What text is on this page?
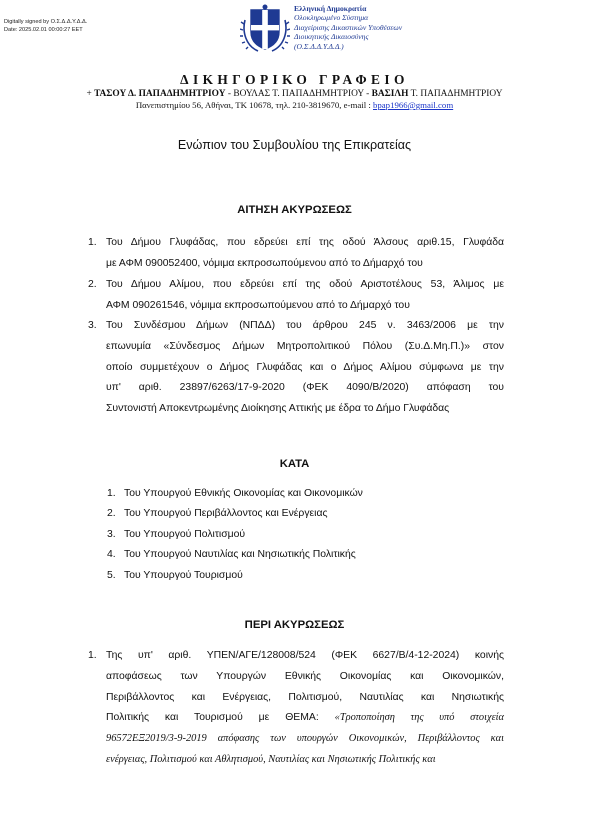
Digitally signed by Ο.Σ.Δ.Δ.Υ.Δ.Δ.
Date: 2025.02.01 00:00:27 EET
Ελληνική Δημοκρατία
Ολοκληρωμένο Σύστημα
Διαχείρισης Δικαστικών Υποθέσεων
Διοικητικής Δικαιοσύνης
(Ο.Σ.Δ.Δ.Υ.Δ.Δ.)
ΔΙΚΗΓΟΡΙΚΟ ΓΡΑΦΕΙΟ
+ ΤΑΣΟΥ Δ. ΠΑΠΑΔΗΜΗΤΡΙΟΥ - ΒΟΥΛΑΣ Τ. ΠΑΠΑΔΗΜΗΤΡΙΟΥ - ΒΑΣΙΛΗ Τ. ΠΑΠΑΔΗΜΗΤΡΙΟΥ
Πανεπιστημίου 56, Αθήναι, ΤΚ 10678, τηλ. 210-3819670, e-mail : bpap1966@gmail.com
Ενώπιον του Συμβουλίου της Επικρατείας
ΑΙΤΗΣΗ ΑΚΥΡΩΣΕΩΣ
1. Του Δήμου Γλυφάδας, που εδρεύει επί της οδού Άλσους αριθ.15, Γλυφάδα
με ΑΦΜ 090052400, νόμιμα εκπροσωπούμενου από το Δήμαρχό του
2. Του Δήμου Αλίμου, που εδρεύει επί της οδού Αριστοτέλους 53, Άλιμος με
ΑΦΜ 090261546, νόμιμα εκπροσωπούμενου από το Δήμαρχό του
3. Του Συνδέσμου Δήμων (ΝΠΔΔ) του άρθρου 245 ν. 3463/2006 με την
επωνυμία «Σύνδεσμος Δήμων Μητροπολιτικού Πόλου (Συ.Δ.Μη.Π.)» στον
οποίο συμμετέχουν ο Δήμος Γλυφάδας και ο Δήμος Αλίμου σύμφωνα με την
υπ' αριθ. 23897/6263/17-9-2020 (ΦΕΚ 4090/Β/2020) απόφαση του
Συντονιστή Αποκεντρωμένης Διοίκησης Αττικής με έδρα το Δήμο Γλυφάδας
ΚΑΤΑ
1. Του Υπουργού Εθνικής Οικονομίας και Οικονομικών
2. Του Υπουργού Περιβάλλοντος και Ενέργειας
3. Του Υπουργού Πολιτισμού
4. Του Υπουργού Ναυτιλίας και Νησιωτικής Πολιτικής
5. Του Υπουργού Τουρισμού
ΠΕΡΙ ΑΚΥΡΩΣΕΩΣ
1. Της υπ' αριθ. ΥΠΕΝ/ΑΓΕ/128008/524 (ΦΕΚ 6627/Β/4-12-2024) κοινής
αποφάσεως των Υπουργών Εθνικής Οικονομίας και Οικονομικών,
Περιβάλλοντος και Ενέργειας, Πολιτισμού, Ναυτιλίας και Νησιωτικής
Πολιτικής και Τουρισμού με ΘΕΜΑ: «Τροποποίηση της υπό στοιχεία
96572ΕΞ2019/3-9-2019 απόφασης των υπουργών Οικονομικών, Περιβάλλοντος και
ενέργειας, Πολιτισμού και Αθλητισμού, Ναυτιλίας και Νησιωτικής Πολιτικής και
